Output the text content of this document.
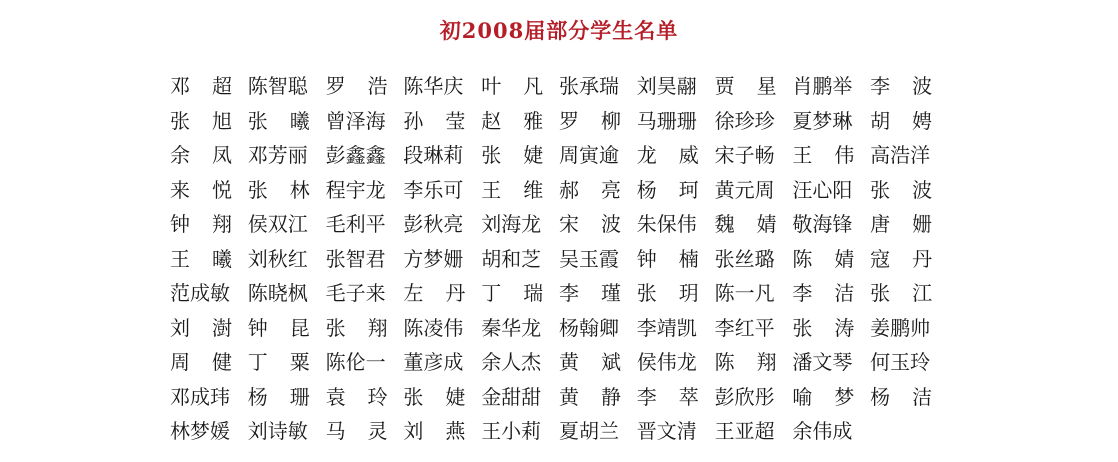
初2008届部分学生名单
邓 超 陈智聪 罗 浩 陈华庆 叶 凡 张承瑞 刘昊翮 贾 星 肖鹏举 李 波
张 旭 张 曦 曾泽海 孙 莹 赵 雅 罗 柳 马珊珊 徐珍珍 夏梦琳 胡 娉
余 凤 邓芳丽 彭鑫鑫 段琳莉 张 婕 周寅逾 龙 威 宋子畅 王 伟 高浩洋
来 悦 张 林 程宇龙 李乐可 王 维 郝 亮 杨 珂 黄元周 汪心阳 张 波
钟 翔 侯双江 毛利平 彭秋亮 刘海龙 宋 波 朱保伟 魏 婧 敬海锋 唐 姗
王 曦 刘秋红 张智君 方梦姗 胡和芝 吴玉霞 钟 楠 张丝璐 陈 婧 寇 丹
范成敏 陈晓枫 毛子来 左 丹 丁 瑞 李 瑾 张 玥 陈一凡 李 洁 张 江
刘 澍 钟 昆 张 翔 陈凌伟 秦华龙 杨翰卿 李靖凯 李红平 张 涛 姜鹏帅
周 健 丁 粟 陈伦一 董彦成 余人杰 黄 斌 侯伟龙 陈 翔 潘文琴 何玉玲
邓成玮 杨 珊 袁 玲 张 婕 金甜甜 黄 静 李 萃 彭欣彤 喻 梦 杨 洁
林梦媛 刘诗敏 马 灵 刘 燕 王小莉 夏胡兰 晋文清 王亚超 余伟成
